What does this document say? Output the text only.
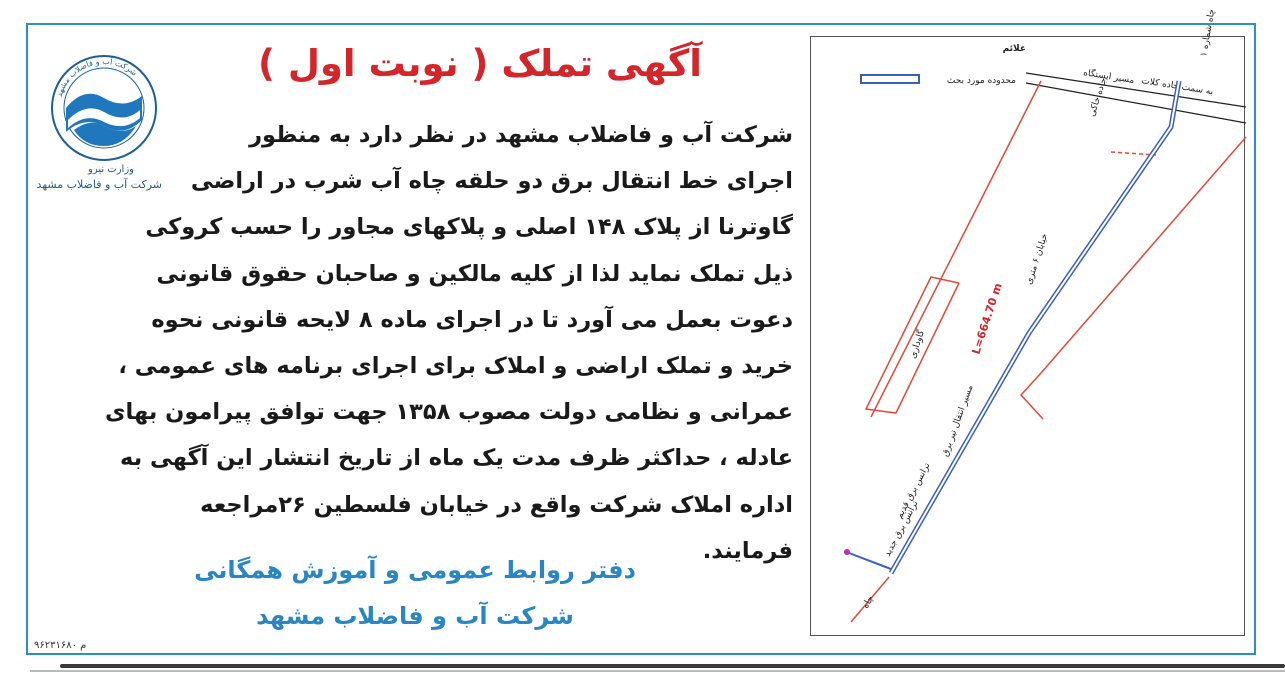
شرکت آب و فاضلاب مشهد
وزارت نیرو
شرکت آب و فاضلاب مشهد
آگهی تملک ( نوبت اول )

شرکت آب و فاضلاب مشهد در نظر دارد به منظور
اجرای خط انتقال برق دو حلقه چاه آب شرب در اراضی
گاوترنا از پلاک ۱۴۸ اصلی و پلاکهای مجاور را حسب کروکی
ذیل تملک نماید لذا از کلیه مالکین و صاحبان حقوق قانونی
دعوت بعمل می آورد تا در اجرای ماده ۸ لایحه قانونی نحوه
خرید و تملک اراضی و املاک برای اجرای برنامه های عمومی ،
عمرانی و نظامی دولت مصوب ۱۳۵۸ جهت توافق پیرامون بهای
عادله ، حداکثر ظرف مدت یک ماه از تاریخ انتشار این آگهی به
اداره املاک شرکت واقع در خیابان فلسطین ۲۶مراجعه
فرمایند.

دفتر روابط عمومی و آموزش همگانی
شرکت آب و فاضلاب مشهد
۹۶۲۳۱۶۸۰ م
علائم
محدوده مورد بحث	به سمت جاده کلات
مسیر ایستگاه
چاه شماره ۱
جاده خاکی
خیابان ۶ متری
L=664.70 m
مسیر انتقال تیر برق
گاوداری
ترانس برق قدیم
ترانس برق جدید
چاه
